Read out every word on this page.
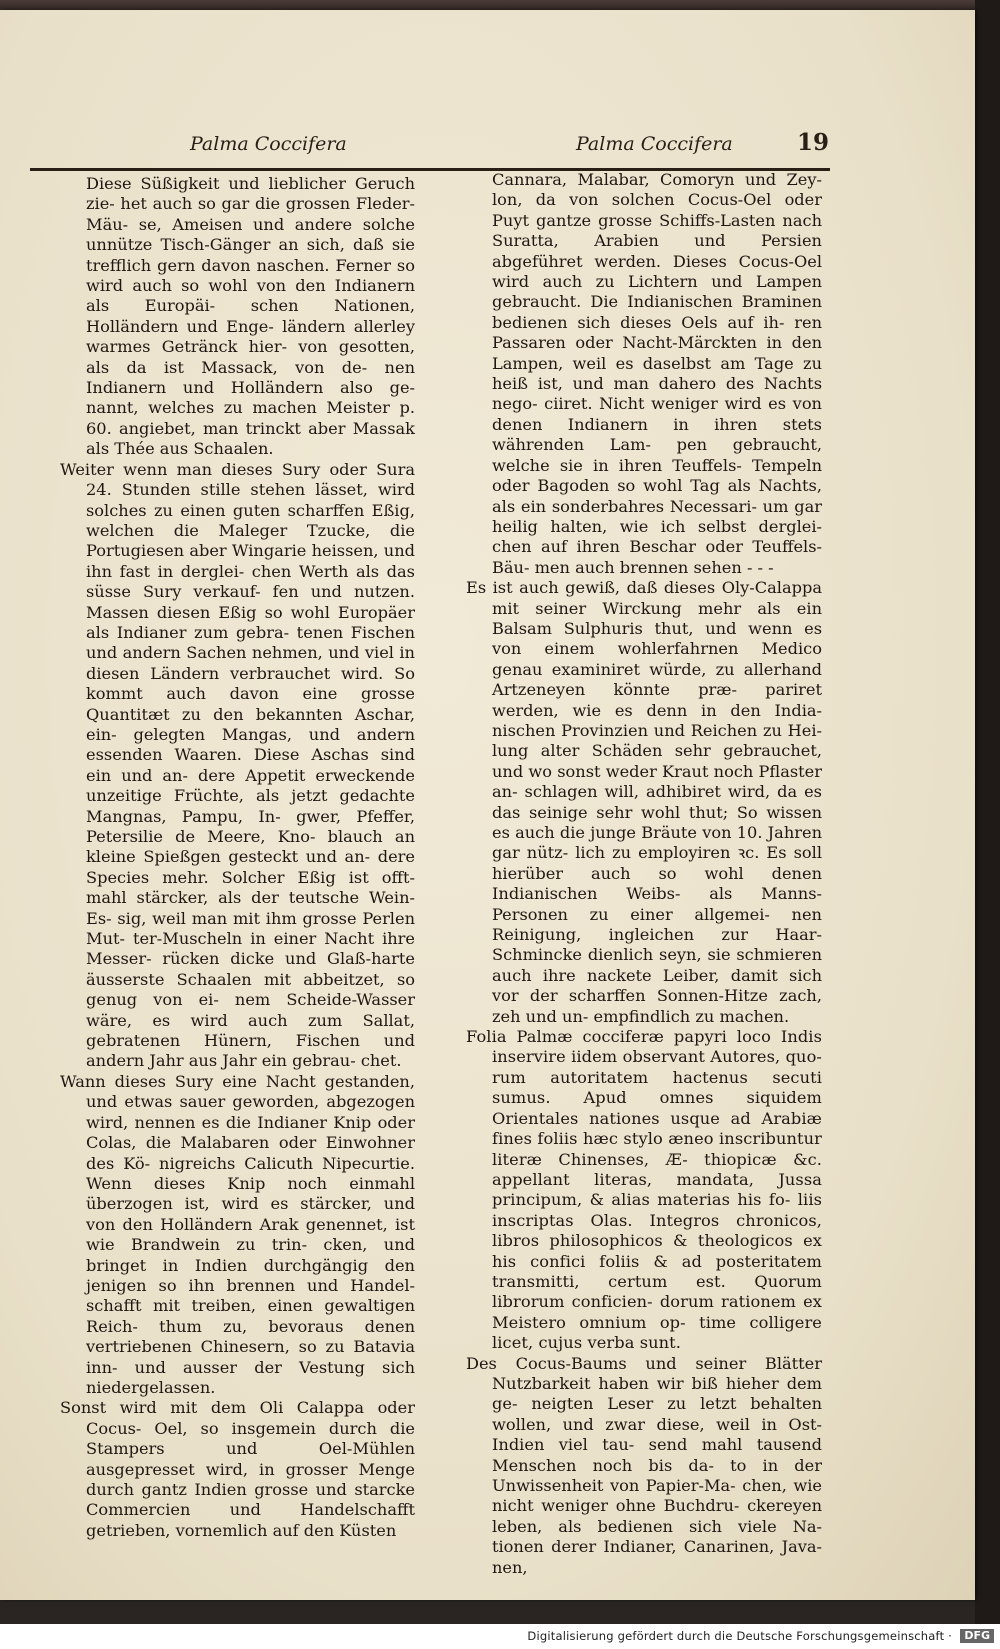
Palma Coccifera	Palma Coccifera	19

Diese Süßigkeit und lieblicher Geruch zie- het auch so gar die grossen Fleder-Mäu- se, Ameisen und andere solche unnütze Tisch-Gänger an sich, daß sie trefflich gern davon naschen. Ferner so wird auch so wohl von den Indianern als Europäi- schen Nationen, Holländern und Enge- ländern allerley warmes Getränck hier- von gesotten, als da ist Massack, von de- nen Indianern und Holländern also ge- nannt, welches zu machen Meister p. 60. angiebet, man trinckt aber Massak als Thée aus Schaalen.

Weiter wenn man dieses Sury oder Sura 24. Stunden stille stehen lässet, wird solches zu einen guten scharffen Eßig, welchen die Maleger Tzucke, die Portugiesen aber Wingarie heissen, und ihn fast in derglei- chen Werth als das süsse Sury verkauf- fen und nutzen. Massen diesen Eßig so wohl Europäer als Indianer zum gebra- tenen Fischen und andern Sachen nehmen, und viel in diesen Ländern verbrauchet wird. So kommt auch davon eine grosse Quantitæt zu den bekannten Aschar, ein- gelegten Mangas, und andern essenden Waaren. Diese Aschas sind ein und an- dere Appetit erweckende unzeitige Früchte, als jetzt gedachte Mangnas, Pampu, In- gwer, Pfeffer, Petersilie de Meere, Kno- blauch an kleine Spießgen gesteckt und an- dere Species mehr. Solcher Eßig ist offt- mahl stärcker, als der teutsche Wein-Es- sig, weil man mit ihm grosse Perlen Mut- ter-Muscheln in einer Nacht ihre Messer- rücken dicke und Glaß-harte äusserste Schaalen mit abbeitzet, so genug von ei- nem Scheide-Wasser wäre, es wird auch zum Sallat, gebratenen Hünern, Fischen und andern Jahr aus Jahr ein gebrau- chet.

Wann dieses Sury eine Nacht gestanden, und etwas sauer geworden, abgezogen wird, nennen es die Indianer Knip oder Colas, die Malabaren oder Einwohner des Kö- nigreichs Calicuth Nipecurtie. Wenn dieses Knip noch einmahl überzogen ist, wird es stärcker, und von den Holländern Arak genennet, ist wie Brandwein zu trin- cken, und bringet in Indien durchgängig den jenigen so ihn brennen und Handel- schafft mit treiben, einen gewaltigen Reich- thum zu, bevoraus denen vertriebenen Chinesern, so zu Batavia inn- und ausser der Vestung sich niedergelassen.

Sonst wird mit dem Oli Calappa oder Cocus- Oel, so insgemein durch die Stampers und Oel-Mühlen ausgepresset wird, in grosser Menge durch gantz Indien grosse und starcke Commercien und Handelschafft getrieben, vornemlich auf den Küsten

Cannara, Malabar, Comoryn und Zey- lon, da von solchen Cocus-Oel oder Puyt gantze grosse Schiffs-Lasten nach Suratta, Arabien und Persien abgeführet werden. Dieses Cocus-Oel wird auch zu Lichtern und Lampen gebraucht. Die Indianischen Braminen bedienen sich dieses Oels auf ih- ren Passaren oder Nacht-Märckten in den Lampen, weil es daselbst am Tage zu heiß ist, und man dahero des Nachts nego- ciiret. Nicht weniger wird es von denen Indianern in ihren stets währenden Lam- pen gebraucht, welche sie in ihren Teuffels- Tempeln oder Bagoden so wohl Tag als Nachts, als ein sonderbahres Necessari- um gar heilig halten, wie ich selbst derglei- chen auf ihren Beschar oder Teuffels-Bäu- men auch brennen sehen - - -

Es ist auch gewiß, daß dieses Oly-Calappa mit seiner Wirckung mehr als ein Balsam Sulphuris thut, und wenn es von einem wohlerfahrnen Medico genau examiniret würde, zu allerhand Artzeneyen könnte præ- pariret werden, wie es denn in den India- nischen Provinzien und Reichen zu Hei- lung alter Schäden sehr gebrauchet, und wo sonst weder Kraut noch Pflaster an- schlagen will, adhibiret wird, da es das seinige sehr wohl thut; So wissen es auch die junge Bräute von 10. Jahren gar nütz- lich zu employiren ꝛc. Es soll hierüber auch so wohl denen Indianischen Weibs- als Manns-Personen zu einer allgemei- nen Reinigung, ingleichen zur Haar- Schmincke dienlich seyn, sie schmieren auch ihre nackete Leiber, damit sich vor der scharffen Sonnen-Hitze zach, zeh und un- empfindlich zu machen.

Folia Palmæ cocciferæ papyri loco Indis inservire iidem observant Autores, quo- rum autoritatem hactenus secuti sumus. Apud omnes siquidem Orientales nationes usque ad Arabiæ fines foliis hæc stylo æneo inscribuntur literæ Chinenses, Æ- thiopicæ &c. appellant literas, mandata, Jussa principum, & alias materias his fo- liis inscriptas Olas. Integros chronicos, libros philosophicos & theologicos ex his confici foliis & ad posteritatem transmitti, certum est. Quorum librorum conficien- dorum rationem ex Meistero omnium op- time colligere licet, cujus verba sunt.

Des Cocus-Baums und seiner Blätter Nutzbarkeit haben wir biß hieher dem ge- neigten Leser zu letzt behalten wollen, und zwar diese, weil in Ost-Indien viel tau- send mahl tausend Menschen noch bis da- to in der Unwissenheit von Papier-Ma- chen, wie nicht weniger ohne Buchdru- ckereyen leben, als bedienen sich viele Na- tionen derer Indianer, Canarinen, Java- nen,

Digitalisierung gefördert durch die Deutsche Forschungsgemeinschaft ·	DFG
